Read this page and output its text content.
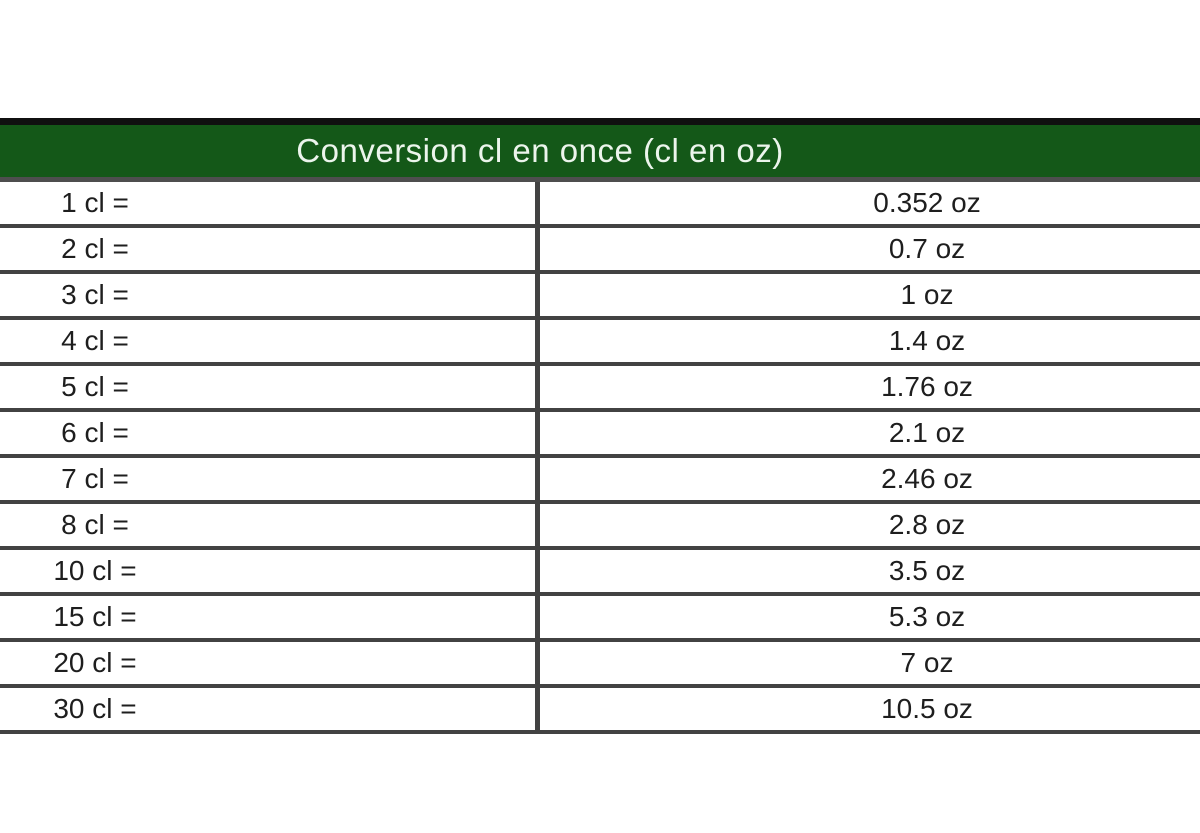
Conversion cl en once (cl en oz)
1 cl =	0.352 oz
2 cl =	0.7 oz
3 cl =	1 oz
4 cl =	1.4 oz
5 cl =	1.76 oz
6 cl =	2.1 oz
7 cl =	2.46 oz
8 cl =	2.8 oz
10 cl =	3.5 oz
15 cl =	5.3 oz
20 cl =	7 oz
30 cl =	10.5 oz
